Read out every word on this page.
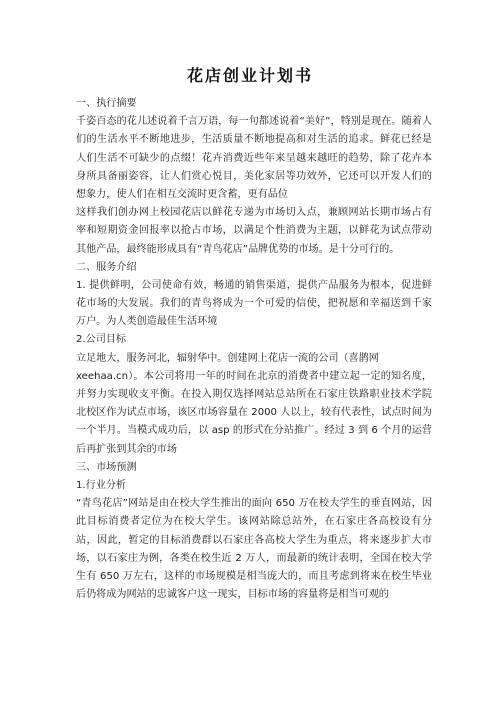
花店创业计划书
一、执行摘要
千姿百态的花儿述说着千言万语，每一句都述说着“美好”，特别是现在。随着人
们的生活水平不断地进步，生活质量不断地提高和对生活的追求。鲜花已经是
人们生活不可缺少的点缀！花卉消费近些年来呈越来越旺的趋势，除了花卉本
身所具备丽姿容，让人们赏心悦目，美化家居等功效外，它还可以开发人们的
想象力，使人们在相互交流时更含蓄，更有品位
这样我们创办网上校园花店以鲜花专递为市场切入点，兼顾网站长期市场占有
率和短期资金回报率以抢占市场，以满足个性消费为主题，以鲜花为试点带动
其他产品，最终能形成具有“青鸟花店”品牌优势的市场。是十分可行的。
二、服务介绍
1. 提供鲜明，公司使命有效，畅通的销售渠道，提供产品服务为根本，促进鲜
花市场的大发展。我们的青鸟将成为一个可爱的信使，把祝愿和幸福送到千家
万户。为人类创造最佳生活环境
2.公司目标
立足地大，服务河北，辐射华中。创建网上花店一流的公司（喜鹊网
xeehaa.cn）。本公司将用一年的时间在北京的消费者中建立起一定的知名度，
并努力实现收支平衡。在投入期仅选择网站总站所在石家庄铁路职业技术学院
北校区作为试点市场，该区市场容量在 2000 人以上，较有代表性，试点时间为
一个半月。当模式成功后，以 asp 的形式在分站推广。经过 3 到 6 个月的运营
后再扩张到其余的市场
三、市场预测
1.行业分析
“青鸟花店”网站是由在校大学生推出的面向 650 万在校大学生的垂直网站，因
此目标消费者定位为在校大学生。该网站除总站外，在石家庄各高校设有分
站，因此，暂定的目标消费群以石家庄各高校大学生为重点，将来逐步扩大市
场，以石家庄为例，各类在校生近 2 万人，而最新的统计表明，全国在校大学
生有 650 万左右，这样的市场规模是相当庞大的，而且考虑到将来在校生毕业
后仍将成为网站的忠诚客户这一现实，目标市场的容量将是相当可观的
